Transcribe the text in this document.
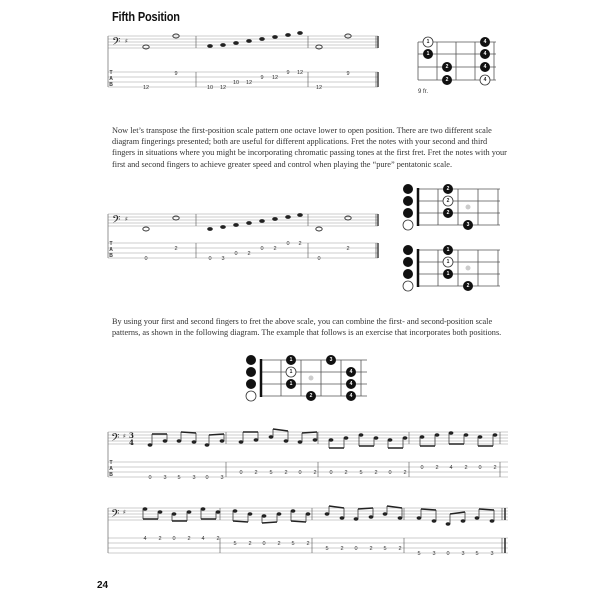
Fifth Position
𝄢 ♯
T
A
B	12
9
10 12
10 12
9 12
9 12
12
9
1	4
1	4
2	4
2	4
9 fr.
Now let’s transpose the first-position scale pattern one octave lower to open position. There are two different scale diagram fingerings presented; both are useful for different applications. Fret the notes with your second and third fingers in situations where you might be incorporating chromatic passing tones at the first fret. Fret the notes with your first and second fingers to achieve greater speed and control when playing the “pure” pentatonic scale.
𝄢 ♯
T
A
B	0
2
0 3
0 2
0 2
0 2
0
2
2
2
2
3
1
1
1
2
By using your first and second fingers to fret the above scale, you can combine the first- and second-position scale patterns, as shown in the following diagram. The example that follows is an exercise that incorporates both positions.
1	3
1	4
1	4
2	4
𝄢 ♯ 3
4
T
A
B	0 3 5 3 0 3
0 2 5 2 0 2 0 2 5 2 0 2
0 2 4 2 0 2
𝄢 ♯
4 2 0 2 4 2
5 2 0 2 5 2
5 2 0 2 5 2
5 3 0 3 5 3
24
